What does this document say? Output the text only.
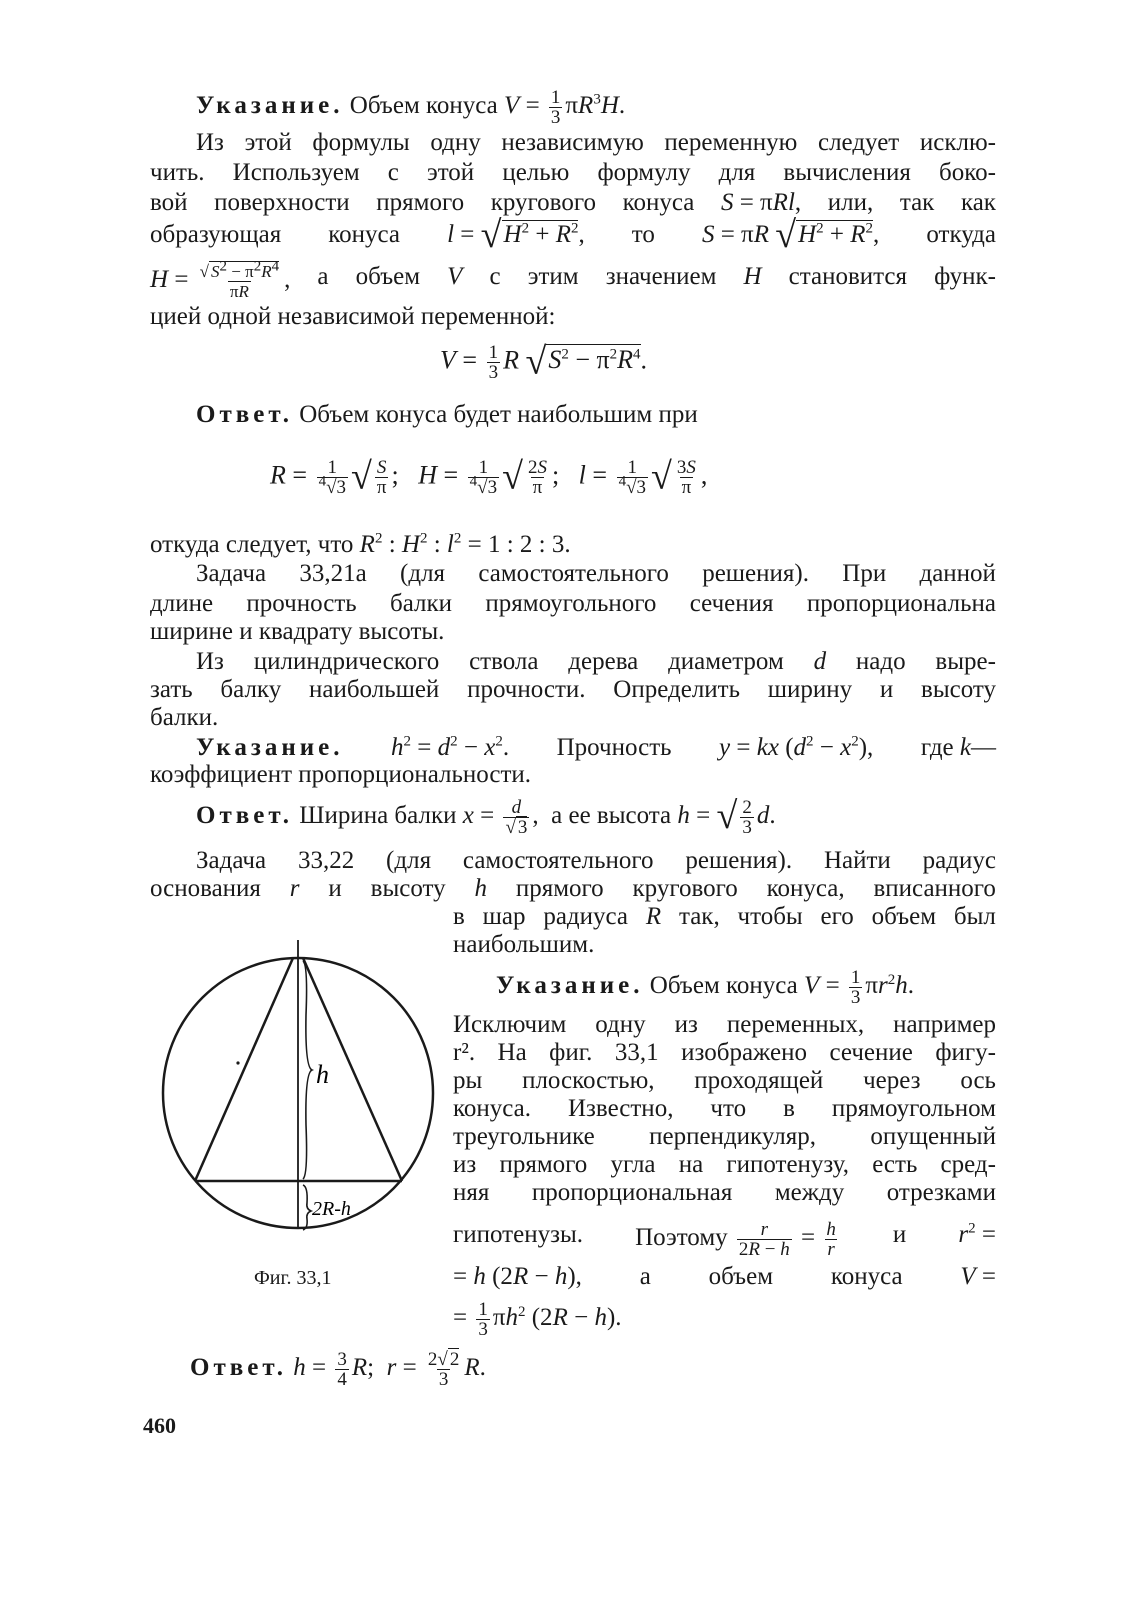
Указание. Объем конуса $V = \frac{1}{3} \pi R^3H$.
Из этой формулы одну независимую переменную следует исклю-
чить. Используем с этой целью формулу для вычисления боко-
вой поверхности прямого кругового конуса S = πRl, или, так как
образующая конуса $l = √H^2 + R^2$, то S = πR $√H^2 + R^2$, откуда
$H = \frac{√ S^2 - \pi^2R^4}{\pi R}$ , а объем V с этим значением H становится функ-
цией одной независимой переменной:
$V = \frac{1}{3}$ R $√S^2 - \pi^2R^4$.
Ответ. Объем конуса будет наибольшим при
$R = \frac{1}{^4√3}$ √ $\frac{S}{\pi}$ ;   $H = \frac{1}{^4√3}$ √ $\frac{2S}{\pi}$ ;   $l = \frac{1}{^4√3}$ √ $\frac{3S}{\pi}$ ,
откуда следует, что $R^2$ : $H^2$ : $l^2 = 1$ : 2 : 3.
Задача 33,21а (для самостоятельного решения). При данной
длине прочность балки прямоугольного сечения пропорциональна
ширине и квадрату высоты.
Из цилиндрического ствола дерева диаметром d надо выре-
зать балку наибольшей прочности. Определить ширину и высоту
балки.
Указание. $h^2 = d^2 - x^2$. Прочность y = kx $(d^2 - x^2)$, где k—
коэффициент пропорциональности.
Ответ. Ширина балки $x = \frac{d}{√ 3}$ ,  а ее высота h = √ $\frac{2}{3} d$.
Задача 33,22 (для самостоятельного решения). Найти радиус
основания r и высоту h прямого кругового конуса, вписанного
в шар радиуса R так, чтобы его объем был
наибольшим.
Указание. Объем конуса $V = \frac{1}{3} \pi r^2h$.
Исключим одну из переменных, например
r². На фиг. 33,1 изображено сечение фигу-
ры плоскостью, проходящей через ось
конуса. Известно, что в прямоугольном
треугольнике перпендикуляр, опущенный
из прямого угла на гипотенузу, есть сред-
няя пропорциональная между отрезками
гипотенузы. Поэтому $\frac{r}{2R - h} = \frac{h}{r}$ и $r^2$ =
= h (2R − h), а объем конуса V =
= $\frac{1}{3} \pi h^2$ (2R − h).
h
2R-h
Фиг. 33,1
Ответ. $h = \frac{3}{4} R$;  $r = \frac{2√ 2}{3} R$.
460
